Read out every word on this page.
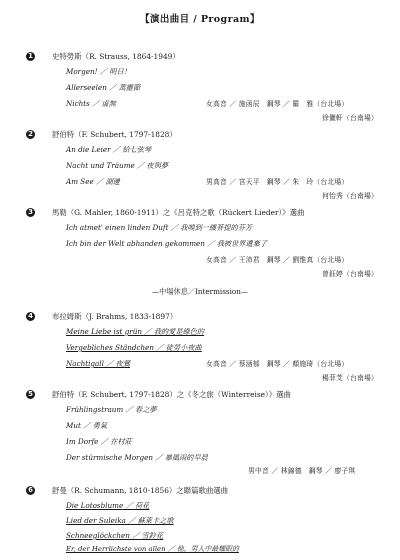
【演出曲目 / Program】
1	史特勞斯（R. Strauss, 1864-1949）
Morgen! ／ 明日！
Allerseelen ／ 萬靈節
Nichts ／ 虛無	女高音 ／ 施函辰　鋼琴 ／ 羅　雅（台北場）
徐儷軒（台南場）
2	舒伯特（F. Schubert, 1797-1828）
An die Leier ／ 給七弦琴
Nacht und Träume ／ 夜與夢
Am See ／ 湖邊	男高音 ／ 宮天平　鋼琴 ／ 朱　玲（台北場）
何怡秀（台南場）
3	馬勒（G. Mahler, 1860-1911）之《呂克特之歌（Rückert Lieder）》選曲
Ich atmet' einen linden Duft ／ 我嗅到一縷菩提的芬芳
Ich bin der Welt abhanden gekommen ／ 我被世界遺棄了
女高音 ／ 王沛君　鋼琴 ／ 劉惟真（台北場）
曾鈺婷（台南場）
—中場休息／Intermission—
4	布拉姆斯（J. Brahms, 1833-1897）
Meine Liebe ist grün ／ 我的愛是綠色的
Vergebliches Ständchen ／ 徒勞小夜曲
Nachtigall ／ 夜鶯	女高音 ／ 蔡涵郁　鋼琴 ／ 顏施琦（台北場）
楊菲芠（台南場）
5	舒伯特（F. Schubert, 1797-1828）之《冬之旅（Winterreise）》選曲
Frühlingstraum ／ 春之夢
Mut ／ 勇氣
Im Dorfe ／ 在村莊
Der stürmische Morgen ／ 暴風雨的早晨
男中音 ／ 林錦德　鋼琴 ／ 廖子琪
6	舒曼（R. Schumann, 1810-1856）之聯篇歌曲選曲
Die Lotosblume ／ 荷花
Lied der Suleika ／ 蘇萊卡之歌
Schneeglöckchen ／ 雪鈴花
Er, der Herrlichste von allen ／ 他，男人中最耀眼的
